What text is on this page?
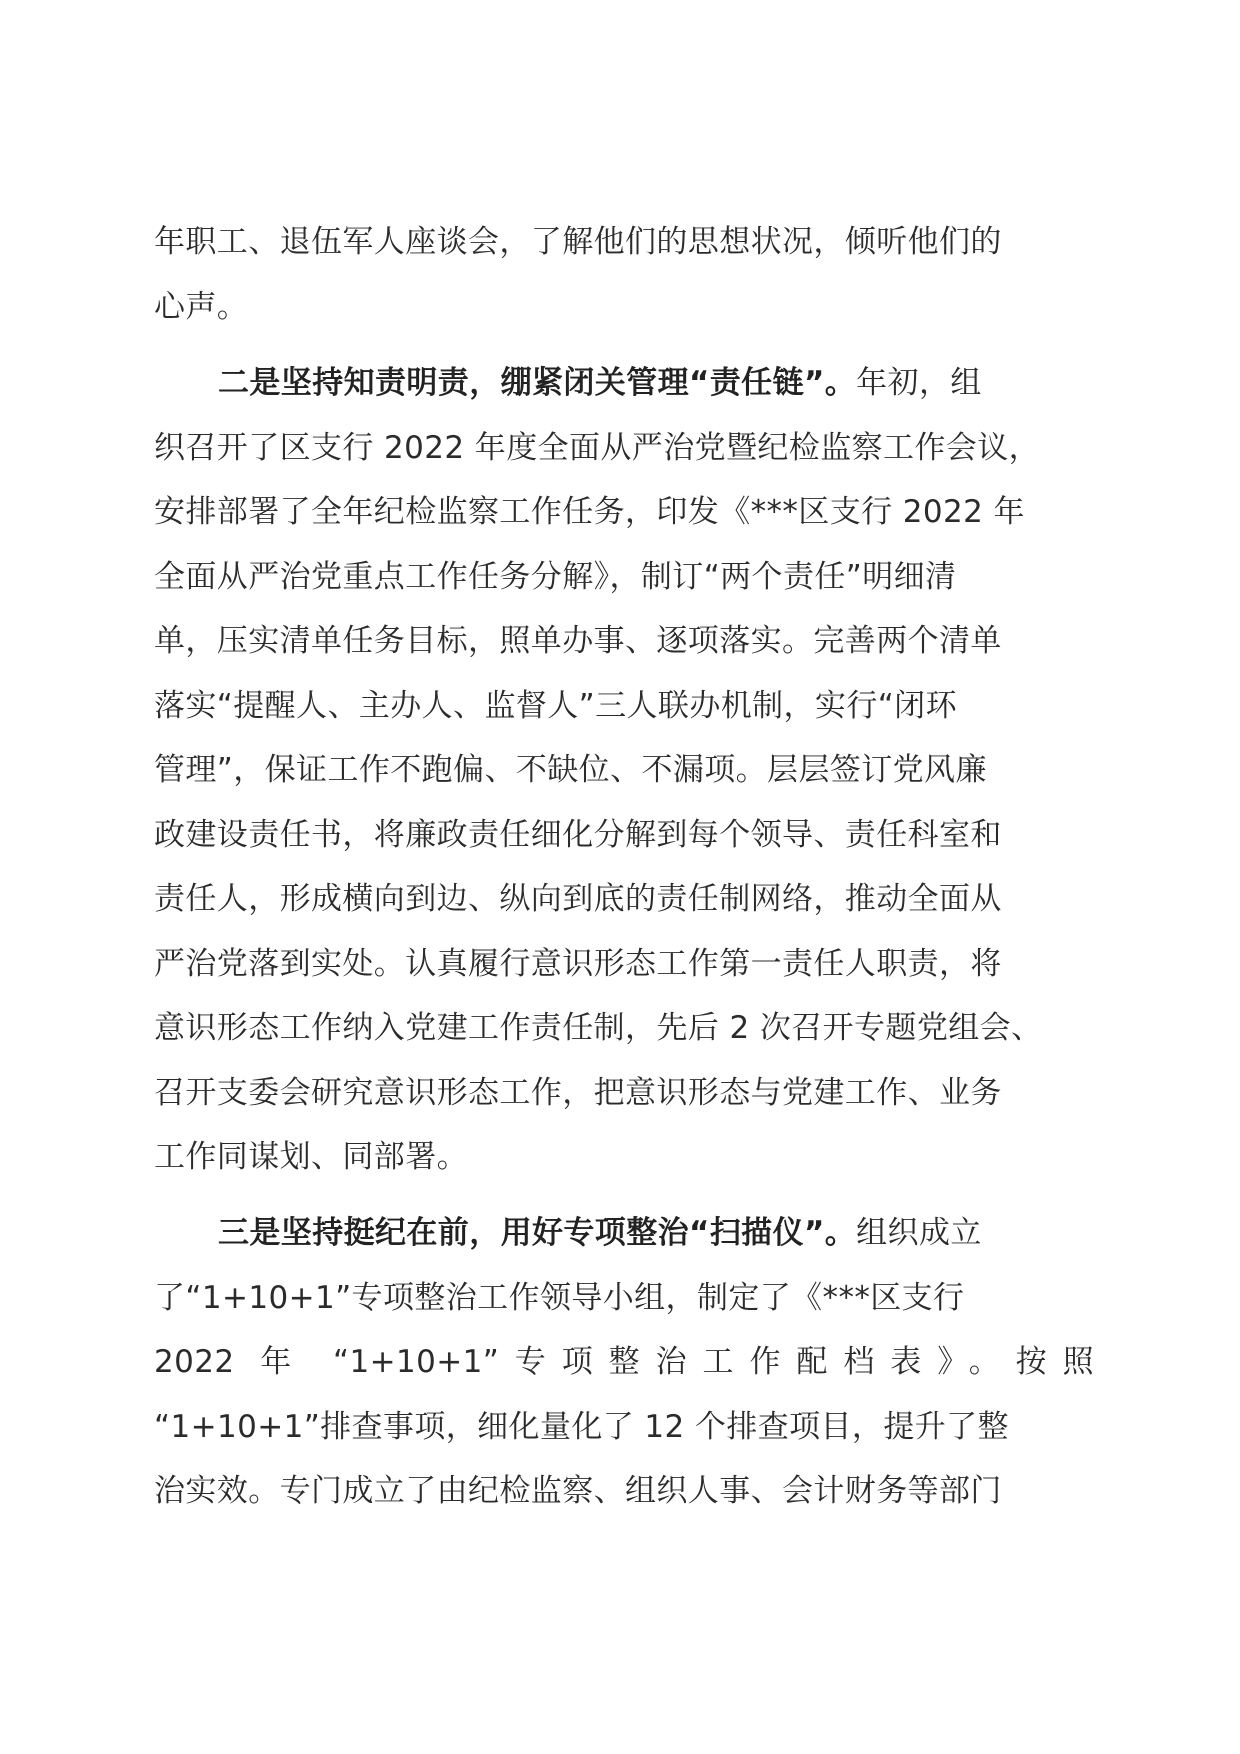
年职工、退伍军人座谈会，了解他们的思想状况，倾听他们的
心声。
二是坚持知责明责，绷紧闭关管理“责任链”。年初，组
织召开了区支行 2022 年度全面从严治党暨纪检监察工作会议，
安排部署了全年纪检监察工作任务，印发《***区支行 2022 年
全面从严治党重点工作任务分解》，制订“两个责任”明细清
单，压实清单任务目标，照单办事、逐项落实。完善两个清单
落实“提醒人、主办人、监督人”三人联办机制，实行“闭环
管理”，保证工作不跑偏、不缺位、不漏项。层层签订党风廉
政建设责任书，将廉政责任细化分解到每个领导、责任科室和
责任人，形成横向到边、纵向到底的责任制网络，推动全面从
严治党落到实处。认真履行意识形态工作第一责任人职责，将
意识形态工作纳入党建工作责任制，先后 2 次召开专题党组会、
召开支委会研究意识形态工作，把意识形态与党建工作、业务
工作同谋划、同部署。
三是坚持挺纪在前，用好专项整治“扫描仪”。组织成立
了“1+10+1”专项整治工作领导小组，制定了《***区支行
2022 年 “1+10+1”专项整治工作配档表》。按照
“1+10+1”排查事项，细化量化了 12 个排查项目，提升了整
治实效。专门成立了由纪检监察、组织人事、会计财务等部门
